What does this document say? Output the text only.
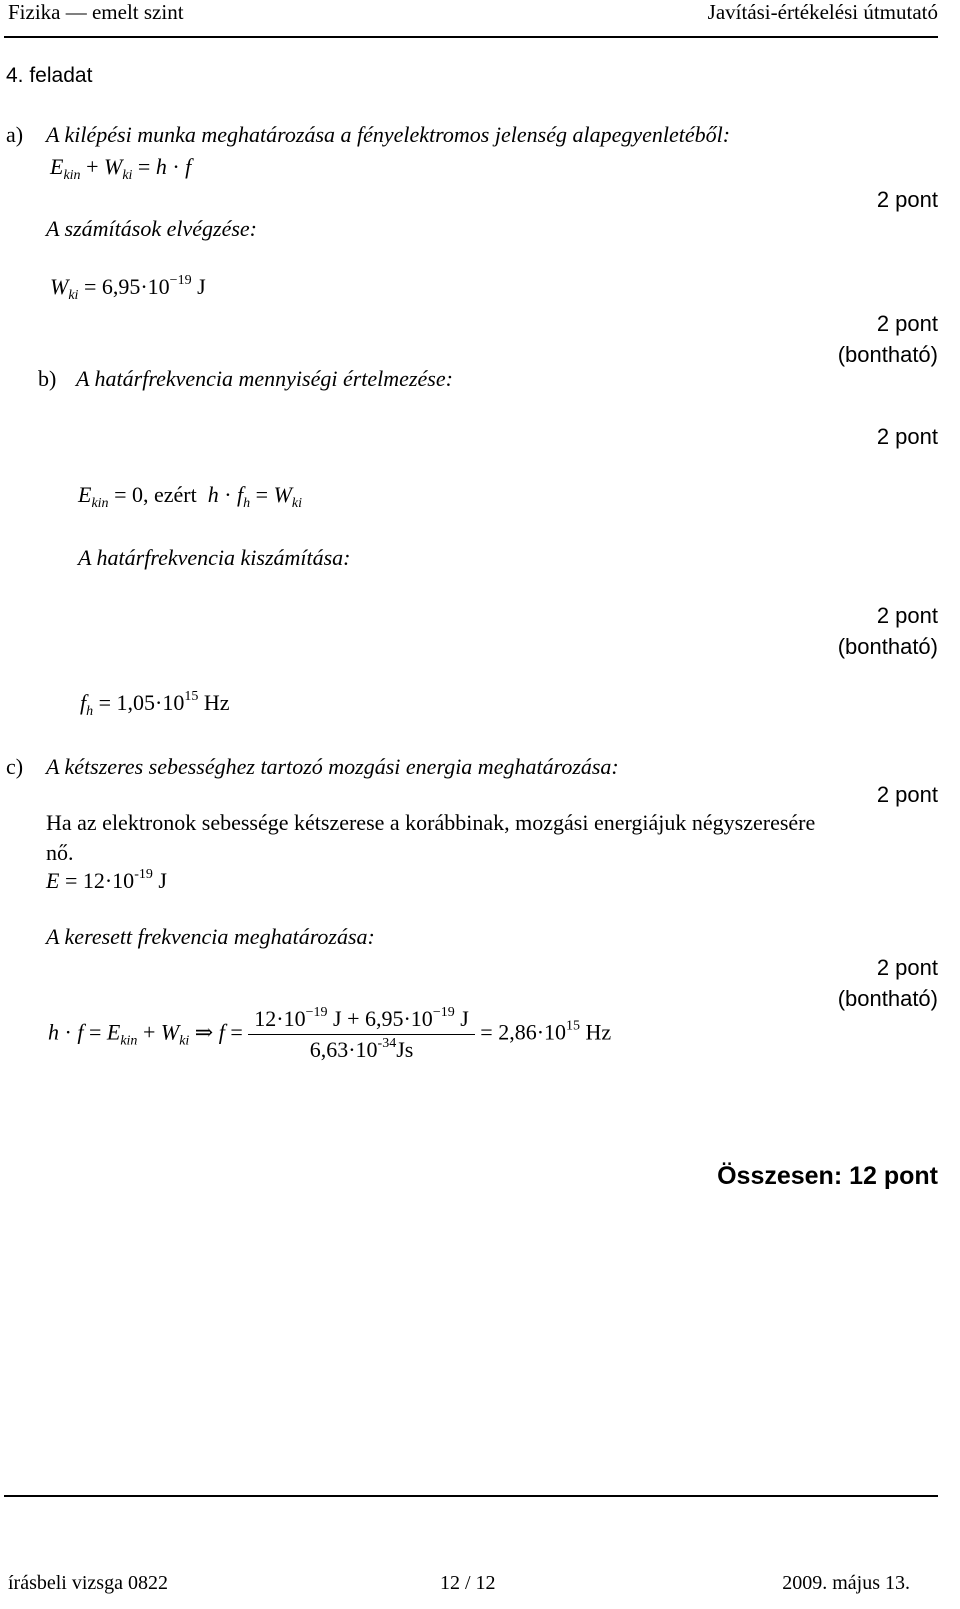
Fizika — emelt szint	Javítási-értékelési útmutató
4. feladat
a) A kilépési munka meghatározása a fényelektromos jelenség alapegyenletéből:
$E_{kin} + W_{ki} = h \cdot f$
2 pont
A számítások elvégzése:
$W_{ki} = 6,95\cdot 10^{-19}$ J
2 pont
(bontható)
b) A határfrekvencia mennyiségi értelmezése:
2 pont
$E_{kin} = 0$, ezért $h \cdot f_h = W_{ki}$
A határfrekvencia kiszámítása:
2 pont
(bontható)
$f_h = 1,05\cdot 10^{15}$ Hz
c) A kétszeres sebességhez tartozó mozgási energia meghatározása:
2 pont
Ha az elektronok sebessége kétszerese a korábbinak, mozgási energiájuk négyszeresére
nő.
$E = 12\cdot 10^{-19}$ J
A keresett frekvencia meghatározása:
2 pont
(bontható)
$h \cdot f = E_{kin} + W_{ki}$ ⇒ $f = \frac{12\cdot 10^{-19} J + 6,95\cdot 10^{-19} J}{6,63\cdot 10^{-34}Js} = 2,86\cdot 10^{15}$ Hz
Összesen: 12 pont
írásbeli vizsga 0822	12 / 12	2009. május 13.
